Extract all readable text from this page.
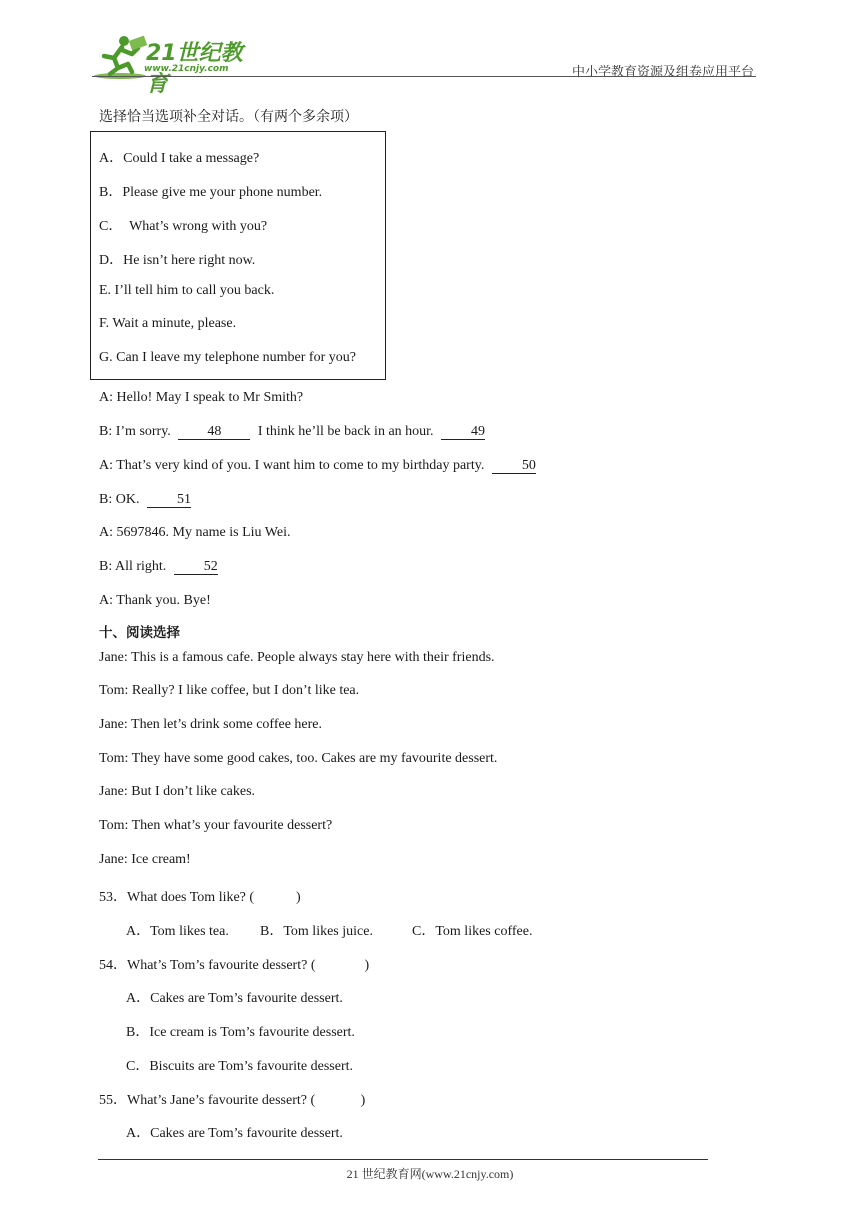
21世纪教育
www.21cnjy.com	中小学教育资源及组卷应用平台
选择恰当选项补全对话。（有两个多余项）
A．Could I take a message?
B．Please give me your phone number.
C．  What’s wrong with you?
D．He isn’t here right now.
E. I’ll tell him to call you back.
F. Wait a minute, please.
G. Can I leave my telephone number for you?
A: Hello! May I speak to Mr Smith?
B: I’m sorry.	48	I think he’ll be back in an hour.	49
A: That’s very kind of you. I want him to come to my birthday party.	50
B: OK.	51
A: 5697846. My name is Liu Wei.
B: All right.	52
A: Thank you. Bye!
十、阅读选择
Jane: This is a famous cafe. People always stay here with their friends.
Tom: Really? I like coffee, but I don’t like tea.
Jane: Then let’s drink some coffee here.
Tom: They have some good cakes, too. Cakes are my favourite dessert.
Jane: But I don’t like cakes.
Tom: Then what’s your favourite dessert?
Jane: Ice cream!
53．What does Tom like? (            )
A．Tom likes tea. B．Tom likes juice.	C．Tom likes coffee.
54．What’s Tom’s favourite dessert? (              )
A．Cakes are Tom’s favourite dessert.
B．Ice cream is Tom’s favourite dessert.
C．Biscuits are Tom’s favourite dessert.
55．What’s Jane’s favourite dessert? (             )
A．Cakes are Tom’s favourite dessert.
21 世纪教育网(www.21cnjy.com)
